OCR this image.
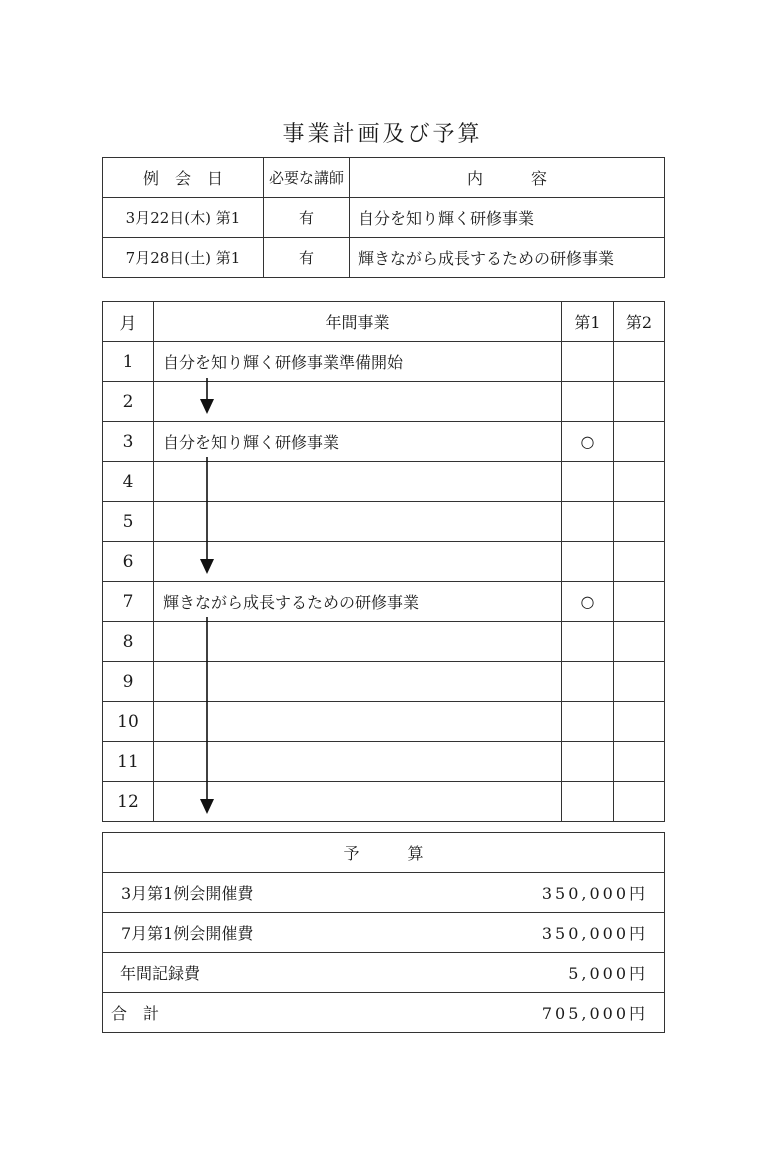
事業計画及び予算
例　会　日	必要な講師	内　　　容
3月22日(木) 第1	有	自分を知り輝く研修事業
7月28日(土) 第1	有	輝きながら成長するための研修事業
月	年間事業	第1	第2
1	自分を知り輝く研修事業準備開始		
2			
3	自分を知り輝く研修事業	○	
4			
5			
6			
7	輝きながら成長するための研修事業	○	
8			
9			
10			
11			
12			
予　　　算	
3月第1例会開催費	350,000円
7月第1例会開催費	350,000円
年間記録費	5,000円
合　計	705,000円
